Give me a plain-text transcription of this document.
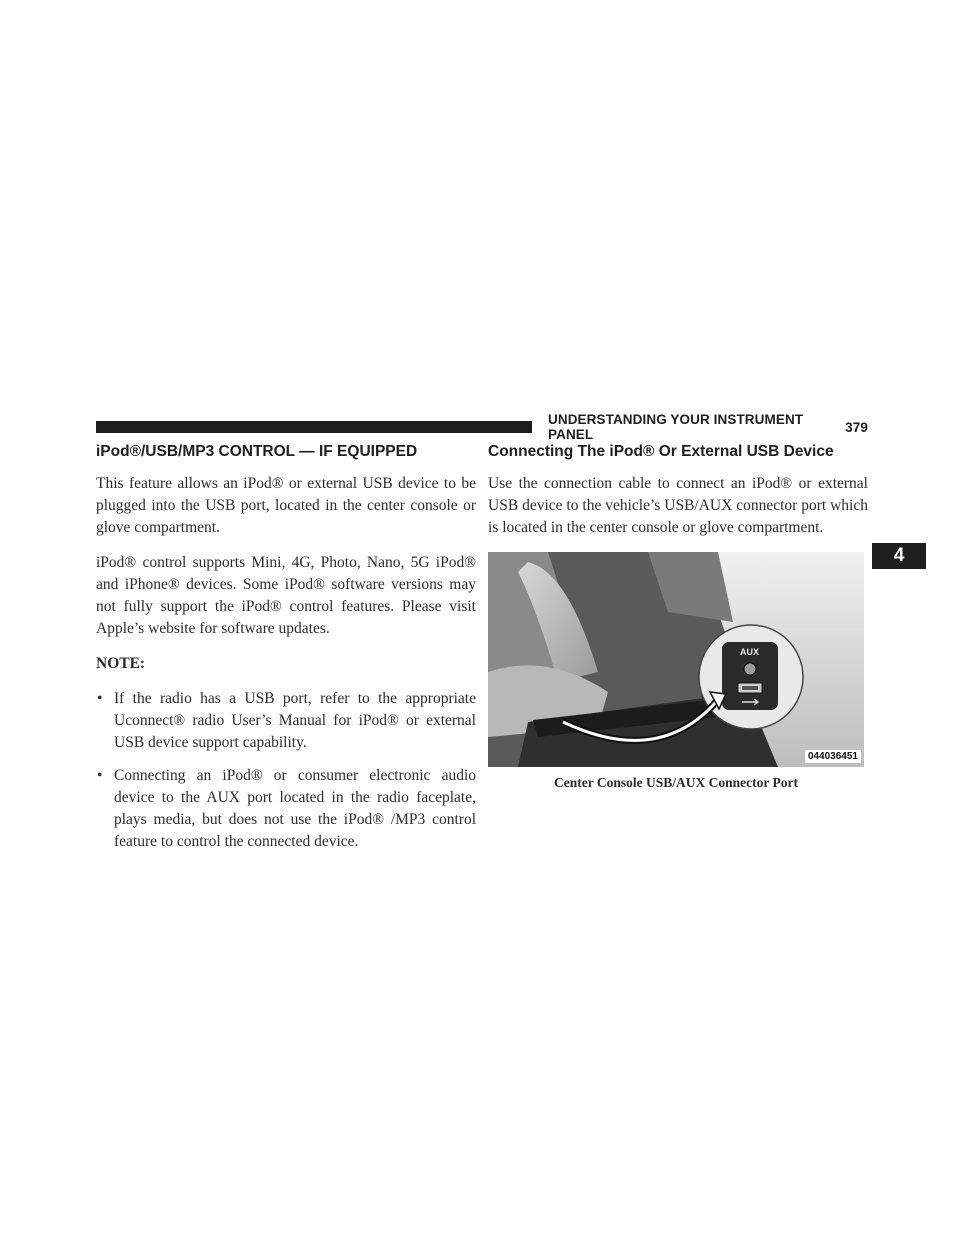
UNDERSTANDING YOUR INSTRUMENT PANEL	379
4
iPod®/USB/MP3 CONTROL — IF EQUIPPED

This feature allows an iPod® or external USB device to be plugged into the USB port, located in the center console or glove compartment.

iPod® control supports Mini, 4G, Photo, Nano, 5G iPod® and iPhone® devices. Some iPod® software versions may not fully support the iPod® control features. Please visit Apple’s website for software updates.

NOTE:

• If the radio has a USB port, refer to the appropriate Uconnect® radio User’s Manual for iPod® or external USB device support capability.
• Connecting an iPod® or consumer electronic audio device to the AUX port located in the radio faceplate, plays media, but does not use the iPod® /MP3 control feature to control the connected device.
Connecting The iPod® Or External USB Device

Use the connection cable to connect an iPod® or external USB device to the vehicle’s USB/AUX connector port which is located in the center console or glove compartment.

AUX
044036451
Center Console USB/AUX Connector Port
